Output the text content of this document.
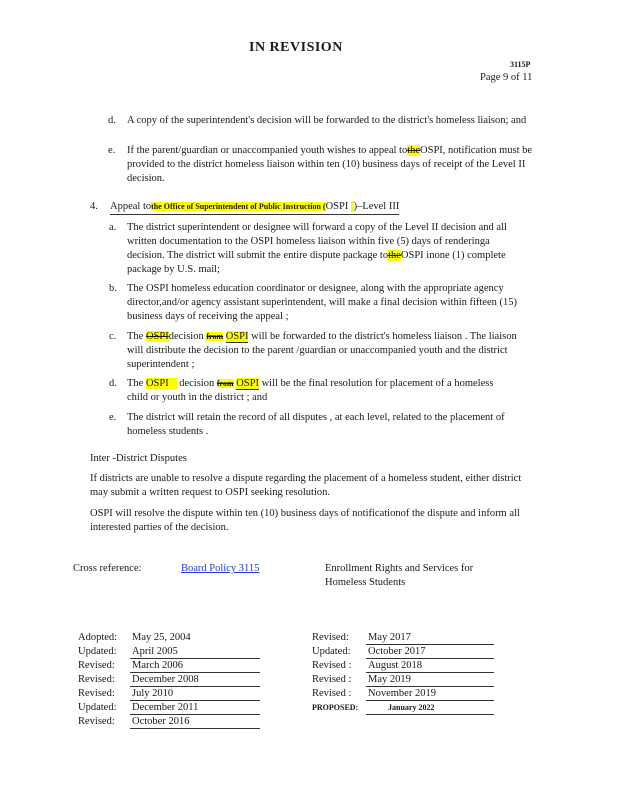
IN REVISION
3115P
Page 9 of 11
d. A copy of the superintendent's decision will be forwarded to the district's homeless liaison; and
e. If the parent/guardian or unaccompanied youth wishes to appeal totheOSPI, notification must be provided to the district homeless liaison within ten (10) business days of receipt of the Level II decision.
4. Appeal tothe Office of Superintendent of Public Instruction (OSPI )–Level III
a. The district superintendent or designee will forward a copy of the Level II decision and all written documentation to the OSPI homeless liaison within five (5) days of renderinga decision. The district will submit the entire dispute package totheOSPI inone (1) complete package by U.S. mail;
b. The OSPI homeless education coordinator or designee, along with the appropriate agency director,and/or agency assistant superintendent, will make a final decision within fifteen (15) business days of receiving the appeal ;
c. The OSPIdecision from OSPI will be forwarded to the district's homeless liaison . The liaison will distribute the decision to the parent /guardian or unaccompanied youth and the district superintendent ;
d. The OSPI decision from OSPI will be the final resolution for placement of a homeless child or youth in the district ; and
e. The district will retain the record of all disputes , at each level, related to the placement of homeless students .
Inter -District Disputes
If districts are unable to resolve a dispute regarding the placement of a homeless student, either district may submit a written request to OSPI seeking resolution.
OSPI will resolve the dispute within ten (10) business days of notificationof the dispute and inform all interested parties of the decision.
Cross reference:	Board Policy 3115	Enrollment Rights and Services for
Homeless Students
Adopted: May 25, 2004
Updated: April 2005
Revised: March 2006
Revised: December 2008
Revised: July 2010
Updated: December 2011
Revised: October 2016
Revised: May 2017
Updated: October 2017
Revised : August 2018
Revised : May 2019
Revised : November 2019
PROPOSED:	January 2022
